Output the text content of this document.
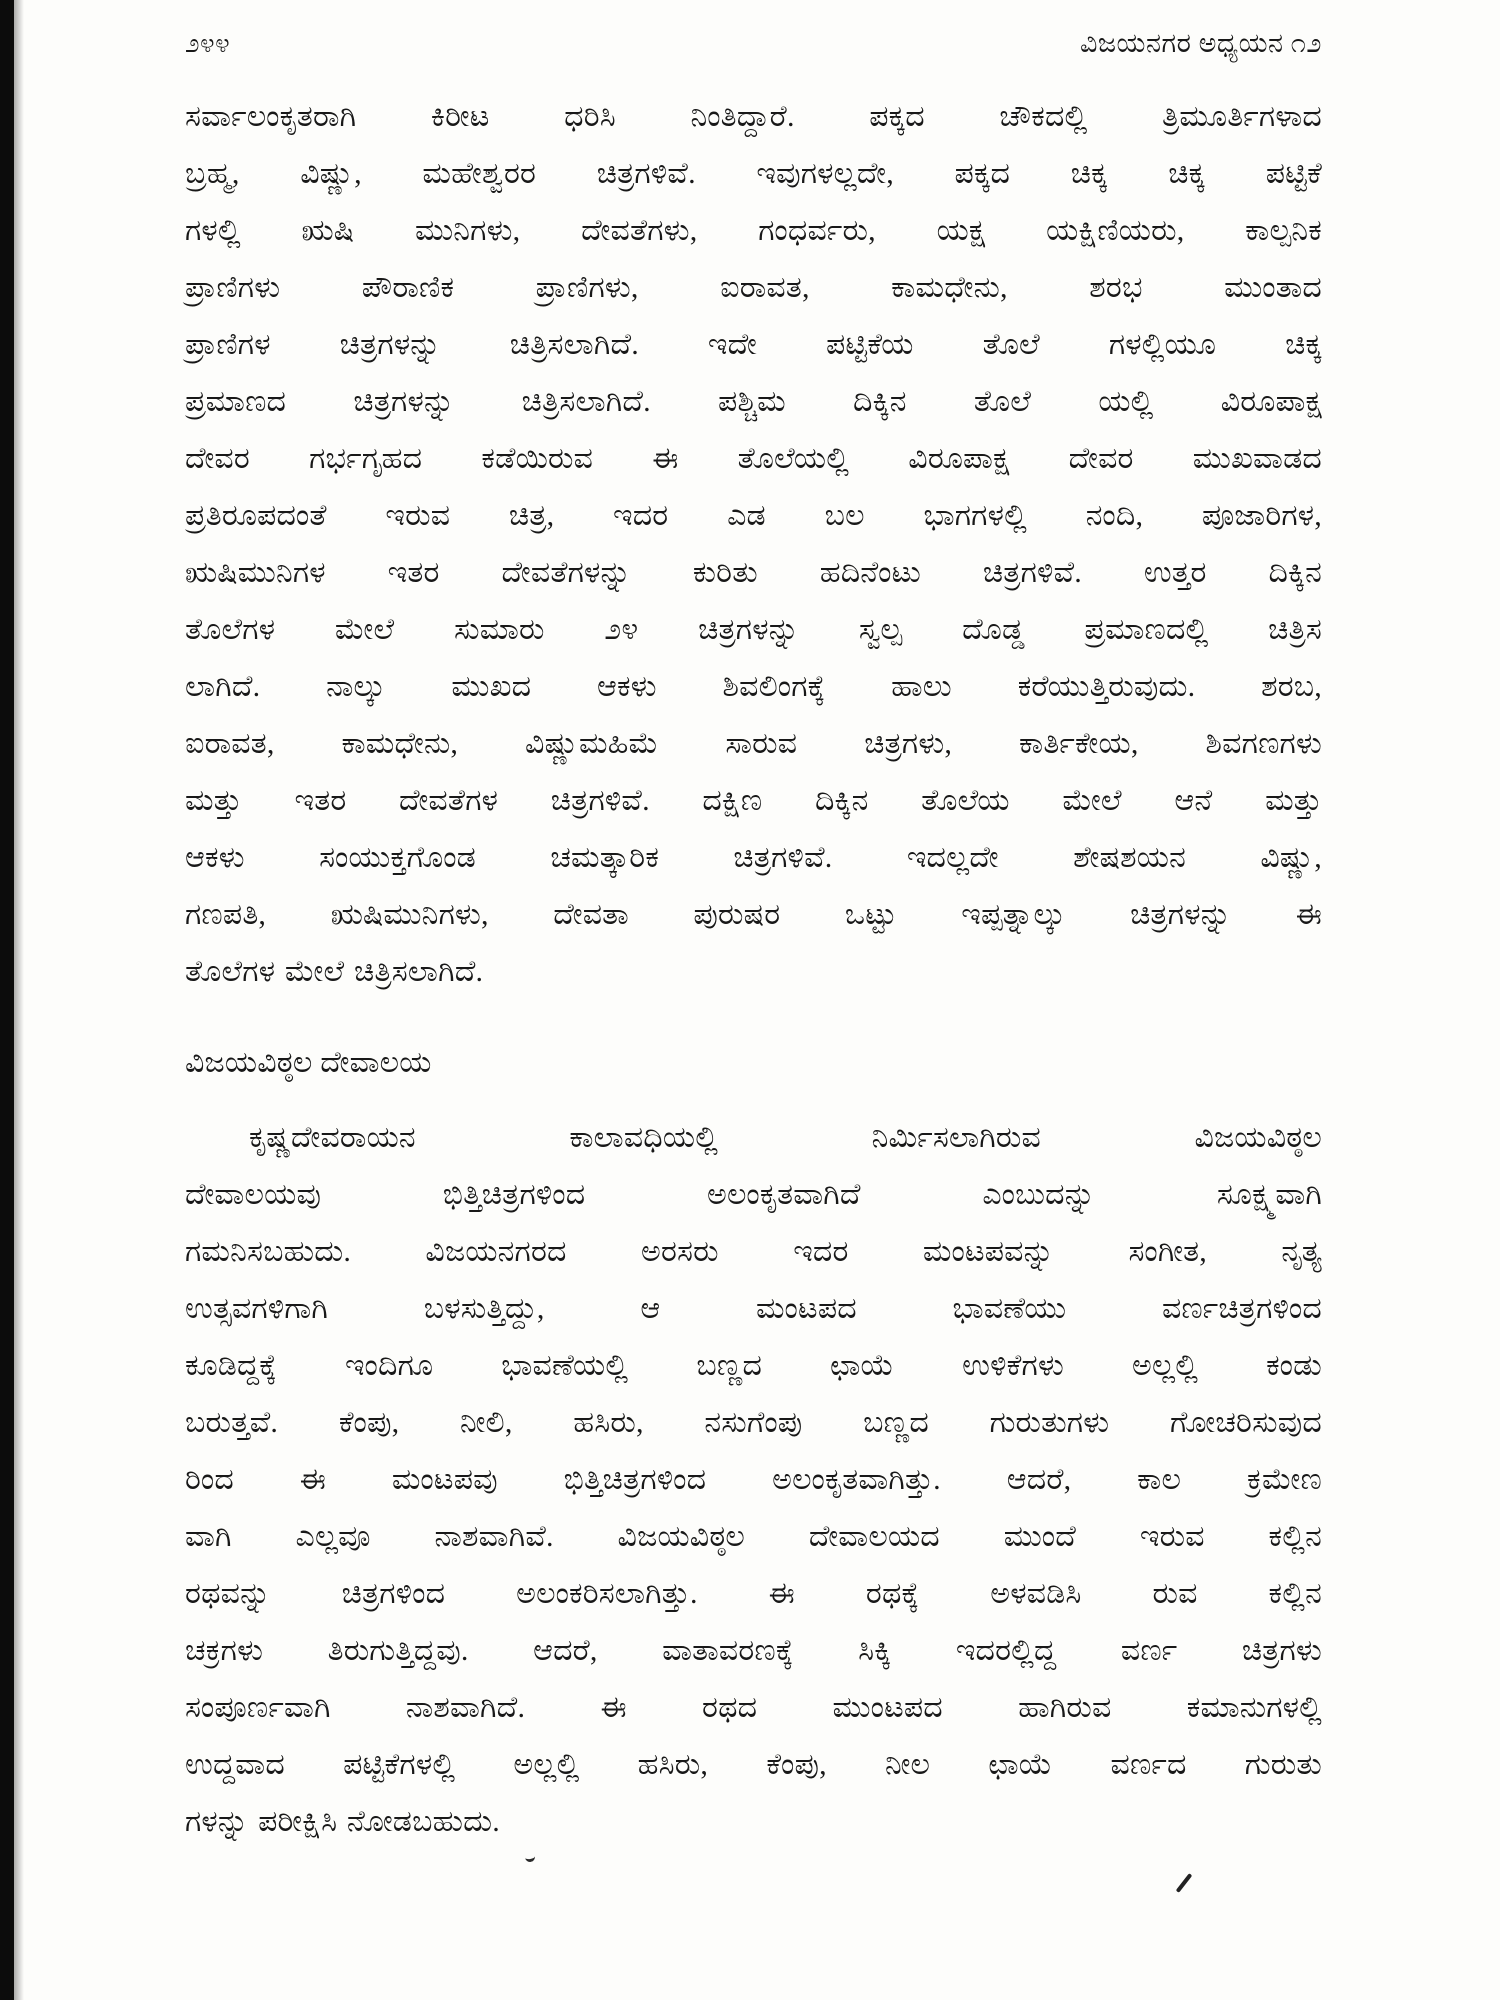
೨೪೪	ವಿಜಯನಗರ ಅಧ್ಯಯನ ೧೨
ಸರ್ವಾಲಂಕೃತರಾಗಿ ಕಿರೀಟ ಧರಿಸಿ ನಿಂತಿದ್ದಾರೆ. ಪಕ್ಕದ ಚೌಕದಲ್ಲಿ ತ್ರಿಮೂರ್ತಿಗಳಾದ
ಬ್ರಹ್ಮ, ವಿಷ್ಣು, ಮಹೇಶ್ವರರ ಚಿತ್ರಗಳಿವೆ. ಇವುಗಳಲ್ಲದೇ, ಪಕ್ಕದ ಚಿಕ್ಕ ಚಿಕ್ಕ ಪಟ್ಟಿಕೆ
ಗಳಲ್ಲಿ ಋಷಿ ಮುನಿಗಳು, ದೇವತೆಗಳು, ಗಂಧರ್ವರು, ಯಕ್ಷ ಯಕ್ಷಿಣಿಯರು, ಕಾಲ್ಪನಿಕ
ಪ್ರಾಣಿಗಳು ಪೌರಾಣಿಕ ಪ್ರಾಣಿಗಳು, ಐರಾವತ, ಕಾಮಧೇನು, ಶರಭ ಮುಂತಾದ
ಪ್ರಾಣಿಗಳ ಚಿತ್ರಗಳನ್ನು ಚಿತ್ರಿಸಲಾಗಿದೆ. ಇದೇ ಪಟ್ಟಿಕೆಯ ತೊಲೆ ಗಳಲ್ಲಿಯೂ ಚಿಕ್ಕ
ಪ್ರಮಾಣದ ಚಿತ್ರಗಳನ್ನು ಚಿತ್ರಿಸಲಾಗಿದೆ. ಪಶ್ಚಿಮ ದಿಕ್ಕಿನ ತೊಲೆ ಯಲ್ಲಿ ವಿರೂಪಾಕ್ಷ
ದೇವರ ಗರ್ಭಗೃಹದ ಕಡೆಯಿರುವ ಈ ತೊಲೆಯಲ್ಲಿ ವಿರೂಪಾಕ್ಷ ದೇವರ ಮುಖವಾಡದ
ಪ್ರತಿರೂಪದಂತೆ ಇರುವ ಚಿತ್ರ, ಇದರ ಎಡ ಬಲ ಭಾಗಗಳಲ್ಲಿ ನಂದಿ, ಪೂಜಾರಿಗಳ,
ಋಷಿಮುನಿಗಳ ಇತರ ದೇವತೆಗಳನ್ನು ಕುರಿತು ಹದಿನೆಂಟು ಚಿತ್ರಗಳಿವೆ. ಉತ್ತರ ದಿಕ್ಕಿನ
ತೊಲೆಗಳ ಮೇಲೆ ಸುಮಾರು ೨೪ ಚಿತ್ರಗಳನ್ನು ಸ್ವಲ್ಪ ದೊಡ್ಡ ಪ್ರಮಾಣದಲ್ಲಿ ಚಿತ್ರಿಸ
ಲಾಗಿದೆ. ನಾಲ್ಕು ಮುಖದ ಆಕಳು ಶಿವಲಿಂಗಕ್ಕೆ ಹಾಲು ಕರೆಯುತ್ತಿರುವುದು. ಶರಬ,
ಐರಾವತ, ಕಾಮಧೇನು, ವಿಷ್ಣುಮಹಿಮೆ ಸಾರುವ ಚಿತ್ರಗಳು, ಕಾರ್ತಿಕೇಯ, ಶಿವಗಣಗಳು
ಮತ್ತು ಇತರ ದೇವತೆಗಳ ಚಿತ್ರಗಳಿವೆ. ದಕ್ಷಿಣ ದಿಕ್ಕಿನ ತೊಲೆಯ ಮೇಲೆ ಆನೆ ಮತ್ತು
ಆಕಳು ಸಂಯುಕ್ತಗೊಂಡ ಚಮತ್ಕಾರಿಕ ಚಿತ್ರಗಳಿವೆ. ಇದಲ್ಲದೇ ಶೇಷಶಯನ ವಿಷ್ಣು,
ಗಣಪತಿ, ಋಷಿಮುನಿಗಳು, ದೇವತಾ ಪುರುಷರ ಒಟ್ಟು ಇಪ್ಪತ್ನಾಲ್ಕು ಚಿತ್ರಗಳನ್ನು ಈ
ತೊಲೆಗಳ ಮೇಲೆ ಚಿತ್ರಿಸಲಾಗಿದೆ.
ವಿಜಯವಿಠ್ಠಲ ದೇವಾಲಯ
ಕೃಷ್ಣದೇವರಾಯನ ಕಾಲಾವಧಿಯಲ್ಲಿ ನಿರ್ಮಿಸಲಾಗಿರುವ ವಿಜಯವಿಠ್ಠಲ
ದೇವಾಲಯವು ಭಿತ್ತಿಚಿತ್ರಗಳಿಂದ ಅಲಂಕೃತವಾಗಿದೆ ಎಂಬುದನ್ನು ಸೂಕ್ಷ್ಮವಾಗಿ
ಗಮನಿಸಬಹುದು. ವಿಜಯನಗರದ ಅರಸರು ಇದರ ಮಂಟಪವನ್ನು ಸಂಗೀತ, ನೃತ್ಯ
ಉತ್ಸವಗಳಿಗಾಗಿ ಬಳಸುತ್ತಿದ್ದು, ಆ ಮಂಟಪದ ಭಾವಣೆಯು ವರ್ಣಚಿತ್ರಗಳಿಂದ
ಕೂಡಿದ್ದಕ್ಕೆ ಇಂದಿಗೂ ಭಾವಣೆಯಲ್ಲಿ ಬಣ್ಣದ ಛಾಯೆ ಉಳಿಕೆಗಳು ಅಲ್ಲಲ್ಲಿ ಕಂಡು
ಬರುತ್ತವೆ. ಕೆಂಪು, ನೀಲಿ, ಹಸಿರು, ನಸುಗೆಂಪು ಬಣ್ಣದ ಗುರುತುಗಳು ಗೋಚರಿಸುವುದ
ರಿಂದ ಈ ಮಂಟಪವು ಭಿತ್ತಿಚಿತ್ರಗಳಿಂದ ಅಲಂಕೃತವಾಗಿತ್ತು. ಆದರೆ, ಕಾಲ ಕ್ರಮೇಣ
ವಾಗಿ ಎಲ್ಲವೂ ನಾಶವಾಗಿವೆ. ವಿಜಯವಿಠ್ಠಲ ದೇವಾಲಯದ ಮುಂದೆ ಇರುವ ಕಲ್ಲಿನ
ರಥವನ್ನು ಚಿತ್ರಗಳಿಂದ ಅಲಂಕರಿಸಲಾಗಿತ್ತು. ಈ ರಥಕ್ಕೆ ಅಳವಡಿಸಿ ರುವ ಕಲ್ಲಿನ
ಚಕ್ರಗಳು ತಿರುಗುತ್ತಿದ್ದವು. ಆದರೆ, ವಾತಾವರಣಕ್ಕೆ ಸಿಕ್ಕಿ ಇದರಲ್ಲಿದ್ದ ವರ್ಣ ಚಿತ್ರಗಳು
ಸಂಪೂರ್ಣವಾಗಿ ನಾಶವಾಗಿದೆ. ಈ ರಥದ ಮುಂಟಪದ ಹಾಗಿರುವ ಕಮಾನುಗಳಲ್ಲಿ
ಉದ್ದವಾದ ಪಟ್ಟಿಕೆಗಳಲ್ಲಿ ಅಲ್ಲಲ್ಲಿ ಹಸಿರು, ಕೆಂಪು, ನೀಲ ಛಾಯೆ ವರ್ಣದ ಗುರುತು
ಗಳನ್ನು ಪರೀಕ್ಷಿಸಿ ನೋಡಬಹುದು.
